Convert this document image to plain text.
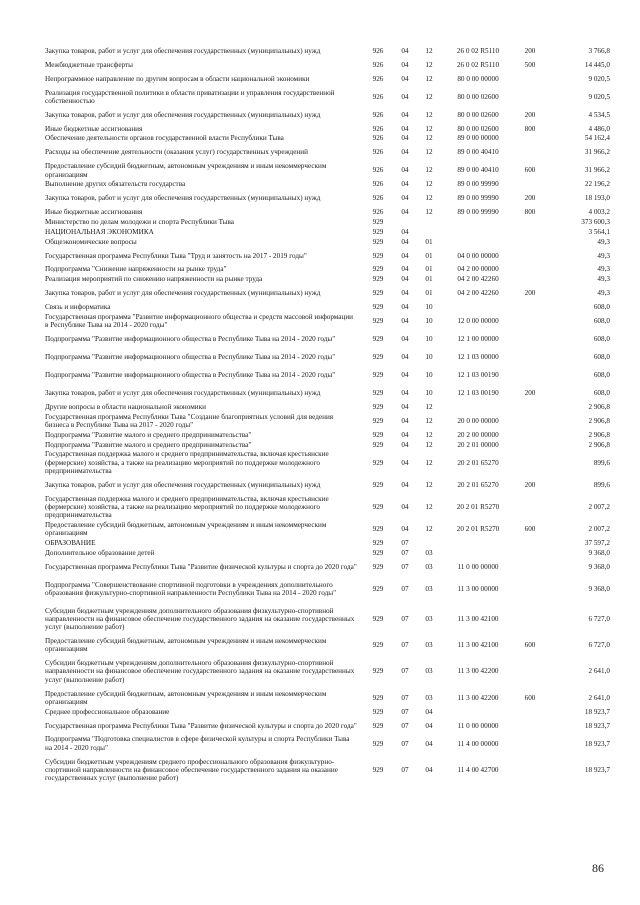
Закупка товаров, работ и услуг для обеспечения государственных (муниципальных) нужд	926	04	12	26 0 02 R5110	200	3 766,8
Межбюджетные трансферты	926	04	12	26 0 02 R5110	500	14 445,0
Непрограммное направление по другим вопросам в области национальной экономики	926	04	12	80 0 00 00000		9 020,5
Реализация государственной политики в области приватизации и управления государственной собственностью	926	04	12	80 0 00 02600		9 020,5
Закупка товаров, работ и услуг для обеспечения государственных (муниципальных) нужд	926	04	12	80 0 00 02600	200	4 534,5
Иные бюджетные ассигнования	926	04	12	80 0 00 02600	800	4 486,0
Обеспечение деятельности органов государственной власти Республики Тыва	926	04	12	89 0 00 00000		54 162,4
Расходы на обеспечение деятельности (оказания услуг) государственных учреждений	926	04	12	89 0 00 40410		31 966,2
Предоставление субсидий бюджетным, автономным учреждениям и иным некоммерческим организациям	926	04	12	89 0 00 40410	600	31 966,2
Выполнение других обязательств государства	926	04	12	89 0 00 99990		22 196,2
Закупка товаров, работ и услуг для обеспечения государственных (муниципальных) нужд	926	04	12	89 0 00 99990	200	18 193,0
Иные бюджетные ассигнования	926	04	12	89 0 00 99990	800	4 003,2
Министерство по делам молодежи и спорта Республики Тыва	929					373 600,3
НАЦИОНАЛЬНАЯ ЭКОНОМИКА	929	04				3 564,1
Общеэкономические вопросы	929	04	01			49,3
Государственная программа Республики Тыва "Труд и занятость на 2017 - 2019 годы"	929	04	01	04 0 00 00000		49,3
Подпрограмма "Снижение напряженности на рынке труда"	929	04	01	04 2 00 00000		49,3
Реализация мероприятий по снижению напряженности на рынке труда	929	04	01	04 2 00 42260		49,3
Закупка товаров, работ и услуг для обеспечения государственных (муниципальных) нужд	929	04	01	04 2 00 42260	200	49,3
Связь и информатика	929	04	10			608,0
Государственная программа "Развитие информационного общества и средств массовой информации в Республике Тыва на 2014 - 2020 годы"	929	04	10	12 0 00 00000		608,0
Подпрограмма "Развитие информационного общества в Республике Тыва на 2014 - 2020 годы"	929	04	10	12 1 00 00000		608,0
Подпрограмма "Развитие информационного общества в Республике Тыва на 2014 - 2020 годы"	929	04	10	12 1 03 00000		608,0
Подпрограмма "Развитие информационного общества в Республике Тыва на 2014 - 2020 годы"	929	04	10	12 1 03 00190		608,0
Закупка товаров, работ и услуг для обеспечения государственных (муниципальных) нужд	929	04	10	12 1 03 00190	200	608,0
Другие вопросы в области национальной экономики	929	04	12			2 906,8
Государственная программа Республики Тыва "Создание благоприятных условий для ведения бизнеса в Республике Тыва на 2017 - 2020 годы"	929	04	12	20 0 00 00000		2 906,8
Подпрограмма "Развитие малого и среднего предпринимательства"	929	04	12	20 2 00 00000		2 906,8
Подпрограмма "Развитие малого и среднего предпринимательства"	929	04	12	20 2 01 00000		2 906,8
Государственная поддержка малого и среднего предпринимательства, включая крестьянские (фермерские) хозяйства, а также на реализацию мероприятий по поддержке молодежного предпринимательства	929	04	12	20 2 01 65270		899,6
Закупка товаров, работ и услуг для обеспечения государственных (муниципальных) нужд	929	04	12	20 2 01 65270	200	899,6
Государственная поддержка малого и среднего предпринимательства, включая крестьянские (фермерские) хозяйства, а также на реализацию мероприятий по поддержке молодежного предпринимательства	929	04	12	20 2 01 R5270		2 007,2
Предоставление субсидий бюджетным, автономным учреждениям и иным некоммерческим организациям	929	04	12	20 2 01 R5270	600	2 007,2
ОБРАЗОВАНИЕ	929	07				37 597,2
Дополнительное образование детей	929	07	03			9 368,0
Государственная программа Республики Тыва "Развитие физической культуры и спорта до 2020 года"	929	07	03	11 0 00 00000		9 368,0
Подпрограмма "Совершенствование спортивной подготовки в учреждениях дополнительного образования физкультурно-спортивной направленности Республики Тыва на 2014 - 2020 годы"	929	07	03	11 3 00 00000		9 368,0
Субсидии бюджетным учреждениям дополнительного образования физкультурно-спортивной направленности на финансовое обеспечение государственного задания на оказание государственных услуг (выполнение работ)	929	07	03	11 3 00 42100		6 727,0
Предоставление субсидий бюджетным, автономным учреждениям и иным некоммерческим организациям	929	07	03	11 3 00 42100	600	6 727,0
Субсидии бюджетным учреждениям дополнительного образования физкультурно-спортивной направленности на финансовое обеспечение государственного задания на оказание государственных услуг (выполнение работ)	929	07	03	11 3 00 42200		2 641,0
Предоставление субсидий бюджетным, автономным учреждениям и иным некоммерческим организациям	929	07	03	11 3 00 42200	600	2 641,0
Среднее профессиональное образование	929	07	04			18 923,7
Государственная программа Республики Тыва "Развитие физической культуры и спорта до 2020 года"	929	07	04	11 0 00 00000		18 923,7
Подпрограмма "Подготовка специалистов в сфере физической культуры и спорта Республики Тыва на 2014 - 2020 годы"	929	07	04	11 4 00 00000		18 923,7
Субсидии бюджетным учреждениям среднего профессионального образования физкультурно-спортивной направленности на финансовое обеспечение государственного задания на оказание государственных услуг (выполнение работ)	929	07	04	11 4 00 42700		18 923,7
86
